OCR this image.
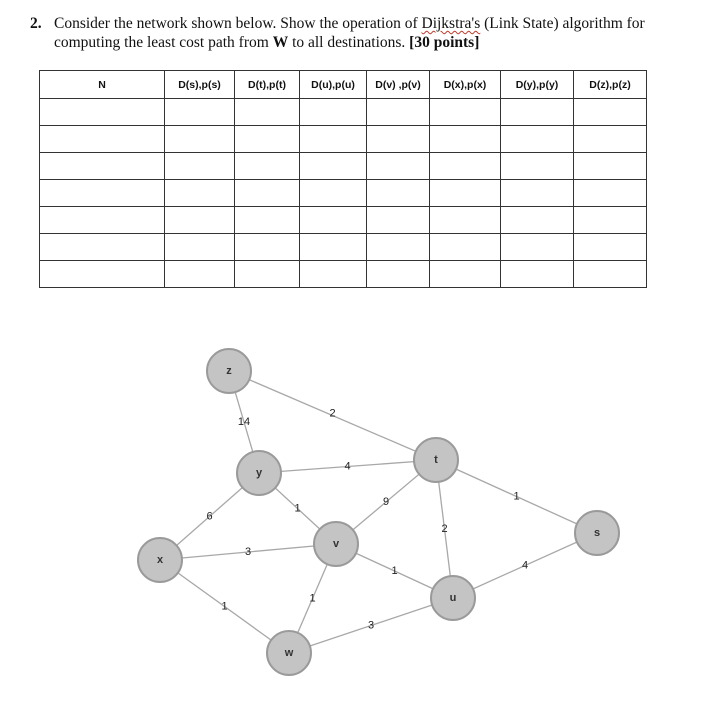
2. Consider the network shown below. Show the operation of Dijkstra's (Link State) algorithm for
computing the least cost path from W to all destinations. [30 points]
N	D(s),p(s)	D(t),p(t)	D(u),p(u)	D(v) ,p(v)	D(x),p(x)	D(y),p(y)	D(z),p(z)

2
14
4
1
6
1
9
2
3
1	4
1
1
3
z
y
t
s
x
v
u
w
